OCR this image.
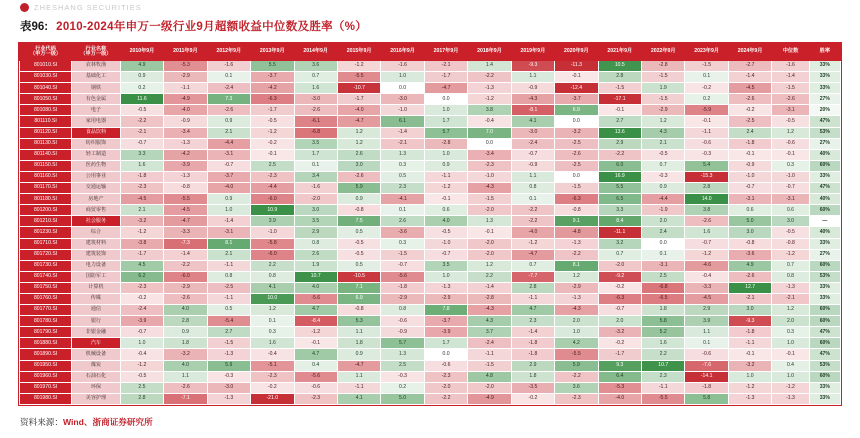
ZHESHANG SECURITIES
表96: 2010-2024年申万一级行业9月超额收益中位数及胜率（%）
行业代码
（申万一级）	行业名称
（申万一级）	2010年9月	2011年9月	2012年9月	2013年9月	2014年9月	2015年9月	2016年9月	2017年9月	2018年9月	2019年9月	2020年9月	2021年9月	2022年9月	2023年9月	2024年9月	中位数	胜率

801010.SI	农林牧渔	4.9	-5.3	-1.6	5.5	3.6	-1.2	-1.6	-2.1	1.4	-9.3	-11.3	10.5	-2.8	-1.5	-2.7	-1.6	33%
801030.SI	基础化工	0.9	-2.9	0.1	-3.7	0.7	-5.5	1.0	-1.7	-2.2	1.1	-0.1	2.8	-1.5	0.1	-1.4	-1.4	33%
801040.SI	钢铁	0.2	-1.1	-2.4	-4.2	1.6	-10.7	0.0	-4.7	-1.3	-0.9	-12.4	-1.5	1.9	-0.2	-4.5	-1.5	33%
801050.SI	有色金属	11.6	-4.9	7.3	-6.3	-3.0	-1.7	-3.0	0.0	-1.2	-4.3	-3.7	-17.1	-1.5	0.2	-2.6	-2.6	27%
801080.SI	电子	-0.5	-4.0	-2.6	-1.7	-2.6	-4.0	-1.0	1.0	3.8	-8.1	6.9	-0.1	-2.9	-5.9	-0.2	-3.1	20%
801110.SI	家用电器	-2.2	-0.9	0.9	-0.5	-6.1	-4.7	6.1	1.7	-0.4	4.1	0.0	2.7	1.2	-0.1	-2.5	-0.5	47%
801120.SI	食品饮料	-2.1	-3.4	2.1	-1.2	-6.8	1.2	-1.4	5.7	7.0	-3.0	-3.2	13.6	4.3	-1.1	2.4	1.2	53%
801130.SI	纺织服饰	-0.7	-1.3	-4.4	-0.2	3.5	1.2	-2.1	-2.8	0.0	-2.4	-2.5	2.9	2.1	-0.6	-1.8	-0.6	27%
801140.SI	轻工制造	3.3	-4.2	-3.1	-0.1	1.7	2.6	1.3	1.0	-3.4	-0.7	-2.6	-2.2	-0.5	-0.3	-0.1	-0.1	40%
801150.SI	医药生物	1.6	-3.9	-0.7	2.5	0.1	3.0	0.3	0.9	-2.3	-0.9	-2.5	6.0	0.7	5.4	-0.9	0.3	60%
801160.SI	公用事业	-1.8	-1.3	-3.7	-2.3	3.4	-2.6	0.5	-1.1	-1.0	1.1	0.0	16.9	-0.3	-15.3	-1.0	-1.0	33%
801170.SI	交通运输	-2.3	-0.8	-4.0	-4.4	-1.6	5.9	2.3	-1.2	-4.3	0.8	-1.5	5.5	0.9	2.8	-0.7	-0.7	47%
801180.SI	房地产	-4.5	-5.5	0.9	-6.0	-2.0	0.9	-4.1	-0.1	-1.5	0.1	-6.3	6.5	-4.4	14.0	-3.1	-3.1	40%
801200.SI	商贸零售	2.1	-4.5	1.0	10.9	3.0	-0.8	0.1	0.6	-2.0	-2.2	-0.8	3.3	-1.9	3.8	0.6	0.6	60%
801210.SI	社会服务	-3.2	-4.7	-1.4	3.9	3.5	7.5	2.6	4.0	1.3	-2.2	9.1	8.4	2.0	-2.6	5.0	3.0	—
801230.SI	综合	-1.2	-3.3	-3.1	-1.0	2.9	0.5	-3.6	-0.5	-0.1	-4.0	-4.8	-11.1	2.4	1.6	3.0	-0.5	40%
801710.SI	建筑材料	-3.8	-7.3	8.1	-5.8	0.8	-0.5	0.3	-1.0	-2.0	-1.2	-1.3	3.2	0.0	-0.7	-0.8	-0.8	33%
801720.SI	建筑装饰	-1.7	-1.4	2.1	-6.0	2.6	-0.5	-1.5	-0.7	-2.0	-4.7	-2.2	0.7	0.1	-1.2	-3.6	-1.2	27%
801730.SI	电力设备	4.5	-2.2	-1.1	2.2	1.9	0.5	-0.7	3.5	1.2	0.7	8.1	-2.0	-3.1	-4.6	4.9	0.7	60%
801740.SI	国防军工	6.2	-6.0	0.8	0.8	10.7	-10.5	-5.6	1.0	2.2	-7.7	1.2	-9.2	2.5	-0.4	-2.6	0.8	53%
801750.SI	计算机	-2.3	-2.9	-2.5	4.1	4.0	7.1	-1.8	-1.3	-1.4	2.8	-2.9	-0.2	-6.8	-3.3	12.7	-1.3	33%
801760.SI	传媒	-0.2	-2.6	-1.1	10.0	-5.6	6.9	-2.9	-2.9	-2.8	-1.1	-1.3	-6.3	-6.5	-4.5	-2.1	-2.1	33%
801770.SI	通信	-2.4	4.0	0.5	1.2	4.7	-0.8	0.8	7.8	-4.3	4.7	-4.3	-0.7	1.8	2.9	3.0	1.2	60%
801780.SI	银行	-3.9	2.8	-5.4	0.1	-8.4	5.3	-0.6	-3.7	4.3	2.3	2.0	2.0	5.8	3.9	-9.3	2.0	60%
801790.SI	非银金融	-0.7	0.9	2.7	0.3	-1.2	1.1	-0.9	-3.9	3.7	-1.4	1.0	-3.2	5.2	1.1	-1.8	0.3	47%
801880.SI	汽车	1.0	1.8	-1.5	1.6	-0.1	1.8	5.7	1.7	-2.4	-1.8	4.2	-0.2	1.6	0.1	-1.1	1.0	60%
801890.SI	机械设备	-0.4	-3.2	-1.3	-0.4	4.7	0.9	1.3	0.0	-1.1	-1.8	-5.5	-1.7	2.2	-0.6	-0.1	-0.1	47%
801950.SI	煤炭	-1.2	4.0	5.9	-5.1	0.4	-4.7	2.5	-0.6	-1.5	2.9	5.9	9.3	10.7	-7.6	-3.2	0.4	53%
801960.SI	石油石化	-0.5	1.1	-0.3	-2.3	-5.6	1.1	-0.3	-2.3	4.8	1.8	-2.2	6.4	2.3	-14.1	1.0	1.0	60%
801970.SI	环保	2.5	-2.6	-3.0	-0.2	-0.6	-1.1	0.2	-2.0	-2.0	-3.5	3.6	-5.3	-1.1	-1.8	-1.2	-1.2	33%
801980.SI	美容护理	2.8	-7.1	-1.3	-21.0	-2.3	4.1	5.0	-2.2	-4.9	-0.2	-2.3	-4.0	-5.5	5.8	-1.3	-1.3	33%
资料来源：Wind、浙商证券研究所
